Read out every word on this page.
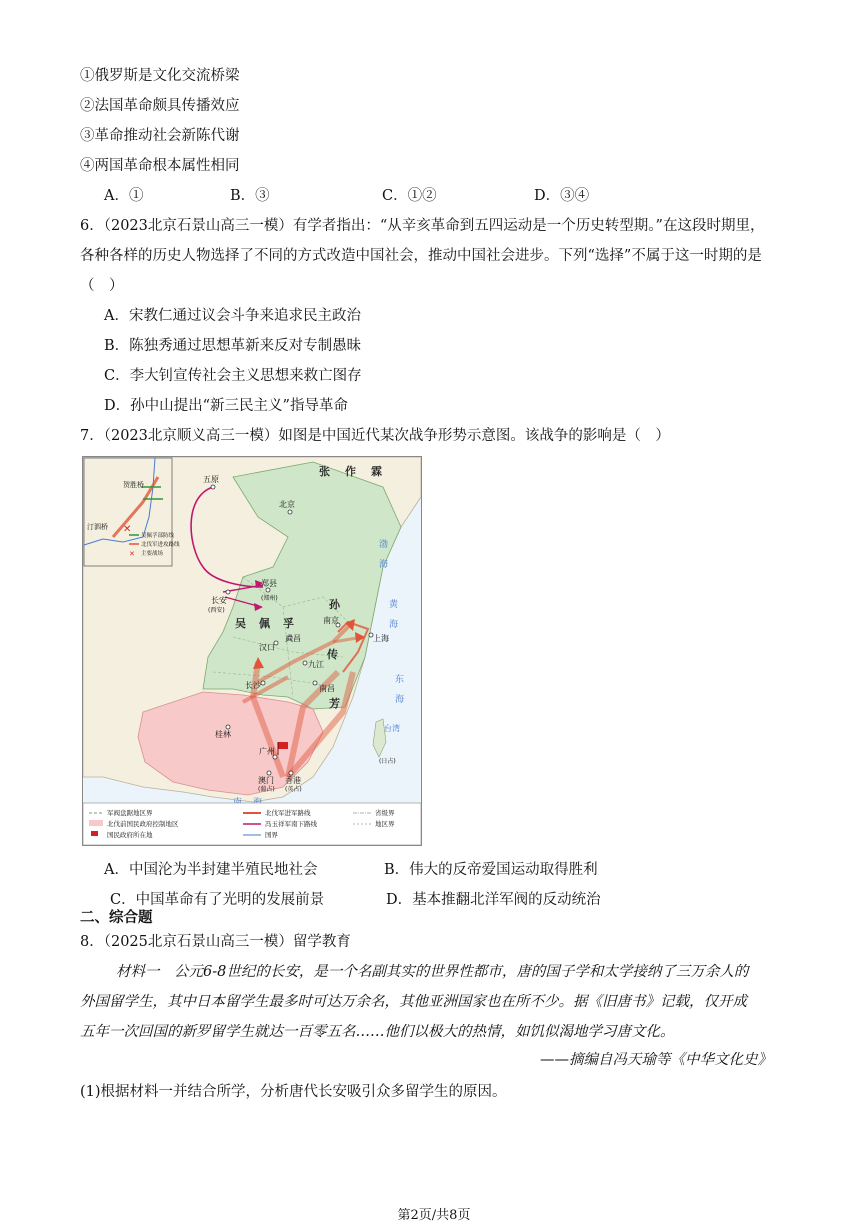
①俄罗斯是文化交流桥梁
②法国革命颇具传播效应
③革命推动社会新陈代谢
④两国革命根本属性相同
A．①	B．③	C．①②	D．③④
6．（2023北京石景山高三一模）有学者指出：“从辛亥革命到五四运动是一个历史转型期。”在这段时期里，
各种各样的历史人物选择了不同的方式改造中国社会，推动中国社会进步。下列“选择”不属于这一时期的是
（　）
A．宋教仁通过议会斗争来追求民主政治
B．陈独秀通过思想革新来反对专制愚昧
C．李大钊宣传社会主义思想来救亡图存
D．孙中山提出“新三民主义”指导革命
7．（2023北京顺义高三一模）如图是中国近代某次战争形势示意图。该战争的影响是（　）
贺胜桥
汀泗桥 ✕
吴佩孚部防线
北伐军进攻路线
✕ 主要战场
张 作 霖
吴 佩 孚
孙
传
芳
渤
海
黄
海
东
海
五原
北京
长安
(西安)
郑县
(郑州)
南京
上海
汉口
武昌
九江
长沙	南昌
桂林
广州
澳门
(葡占)
香港
(英占)
台湾
(日占)
军阀盘踞地区界
北伐前国民政府控制地区
国民政府所在地
北伐军进军路线
冯玉祥军南下路线
国界
省级界
地区界
A．中国沦为半封建半殖民地社会	B．伟大的反帝爱国运动取得胜利
C．中国革命有了光明的发展前景	D．基本推翻北洋军阀的反动统治
二、综合题
8．（2025北京石景山高三一模）留学教育
材料一　公元6-8世纪的长安，是一个名副其实的世界性都市，唐的国子学和太学接纳了三万余人的
外国留学生，其中日本留学生最多时可达万余名，其他亚洲国家也在所不少。据《旧唐书》记载，仅开成
五年一次回国的新罗留学生就达一百零五名……他们以极大的热情，如饥似渴地学习唐文化。
——摘编自冯天瑜等《中华文化史》
(1)根据材料一并结合所学，分析唐代长安吸引众多留学生的原因。
第2页/共8页
